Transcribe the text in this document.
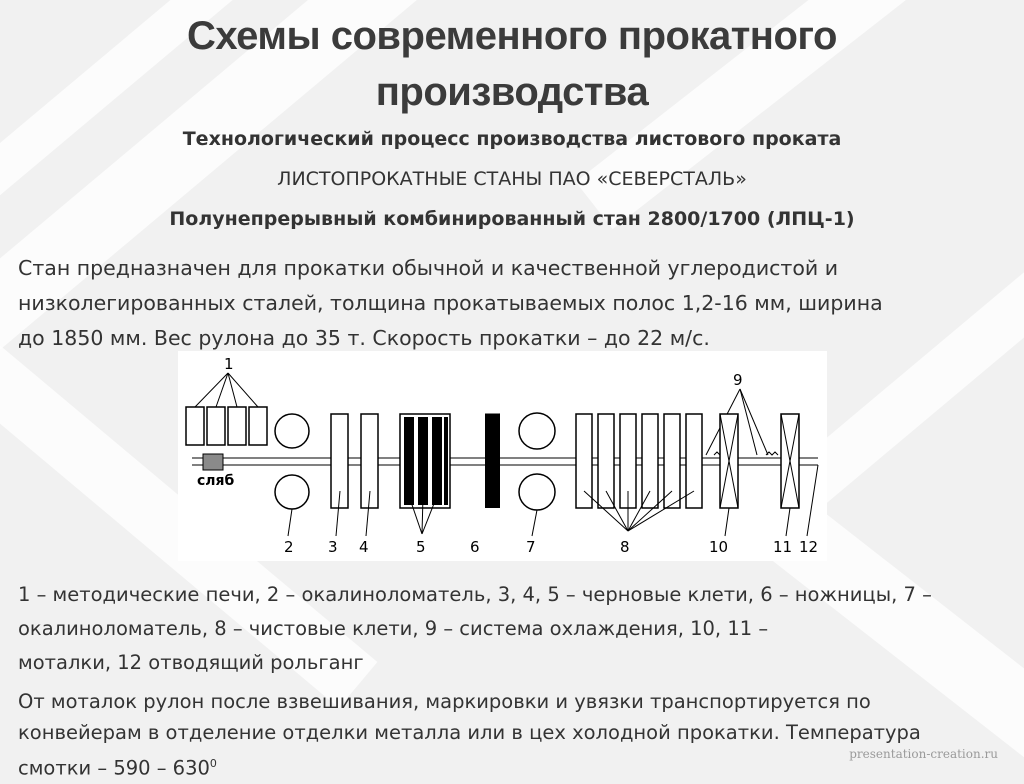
Схемы современного прокатного
производства
Технологический процесс производства листового проката
ЛИСТОПРОКАТНЫЕ СТАНЫ ПАО «СЕВЕРСТАЛЬ»
Полунепрерывный комбинированный стан 2800/1700 (ЛПЦ-1)
Стан предназначен для прокатки обычной и качественной углеродистой и
низколегированных сталей, толщина прокатываемых полос 1,2-16 мм, ширина
до 1850 мм. Вес рулона до 35 т. Скорость прокатки – до 22 м/с.
1
сляб
2 3 4	5	6	7	8
9
10	11 12
1 – методические печи, 2 – окалиноломатель, 3, 4, 5 – черновые клети, 6 – ножницы, 7 –
окалиноломатель, 8 – чистовые клети, 9 – система охлаждения, 10, 11 –
моталки, 12 отводящий рольганг
От моталок рулон после взвешивания, маркировки и увязки транспортируется по
конвейерам в отделение отделки металла или в цех холодной прокатки. Температура
смотки – $590 - 630^0$
presentation-creation.ru
